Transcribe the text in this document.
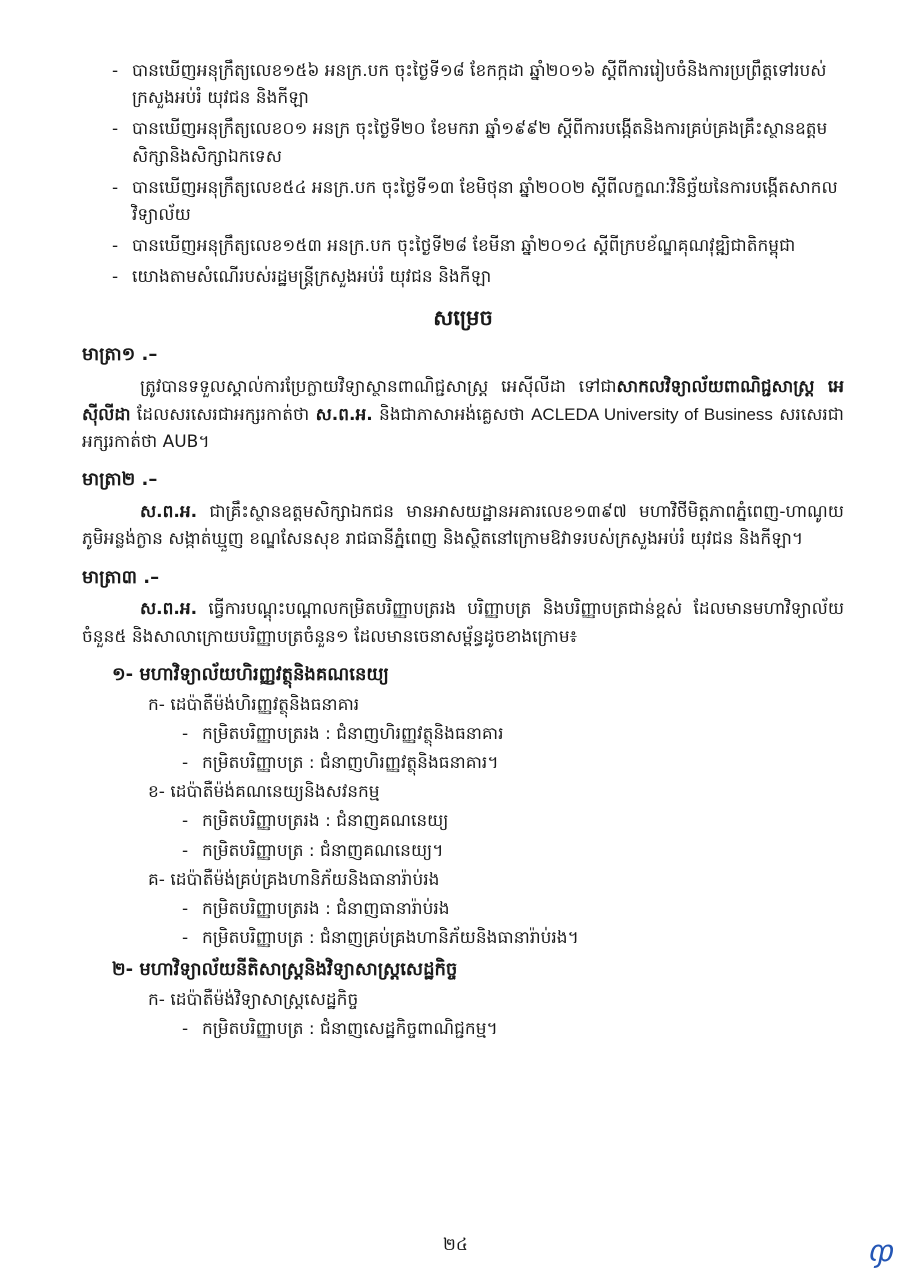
- បានឃើញអនុក្រឹត្យលេខ១៥៦ អនក្រ.បក ចុះថ្ងៃទី១៨ ខែកក្កដា ឆ្នាំ២០១៦ ស្ដីពីការរៀបចំនិងការប្រព្រឹត្តទៅរបស់ក្រសួងអប់រំ យុវជន និងកីឡា
- បានឃើញអនុក្រឹត្យលេខ០១ អនក្រ ចុះថ្ងៃទី២០ ខែមករា ឆ្នាំ១៩៩២ ស្ដីពីការបង្កើតនិងការគ្រប់គ្រងគ្រឹះស្ថានឧត្ដមសិក្សានិងសិក្សាឯកទេស
- បានឃើញអនុក្រឹត្យលេខ៥៤ អនក្រ.បក ចុះថ្ងៃទី១៣ ខែមិថុនា ឆ្នាំ២០០២ ស្ដីពីលក្ខណៈវិនិច្ឆ័យនៃការបង្កើតសាកលវិទ្យាល័យ
- បានឃើញអនុក្រឹត្យលេខ១៥៣ អនក្រ.បក ចុះថ្ងៃទី២៨ ខែមីនា ឆ្នាំ២០១៤ ស្ដីពីក្របខ័ណ្ឌគុណវុឌ្ឍិជាតិកម្ពុជា
- យោងតាមសំណើរបស់រដ្ឋមន្ត្រីក្រសួងអប់រំ យុវជន និងកីឡា
សម្រេច
មាត្រា១ .–

ត្រូវបានទទួលស្គាល់ការប្រែក្លាយវិទ្យាស្ថានពាណិជ្ជសាស្ត្រ អេស៊ីលីដា ទៅជាសាកលវិទ្យាល័យពាណិជ្ជសាស្ត្រ អេស៊ីលីដា ដែលសរសេរជាអក្សរកាត់ថា ស.ព.អ. និងជាភាសាអង់គ្លេសថា ACLEDA University of Business សរសេរជាអក្សរកាត់ថា AUB។

មាត្រា២ .–

ស.ព.អ. ជាគ្រឹះស្ថានឧត្ដមសិក្សាឯកជន មានអាសយដ្ឋានអគារលេខ១៣៩៧ មហាវិថីមិត្តភាពភ្នំពេញ-ហាណូយ ភូមិអន្លង់ក្ងាន សង្កាត់ឃ្មួញ ខណ្ឌសែនសុខ រាជធានីភ្នំពេញ និងស្ថិតនៅក្រោមឱវាទរបស់ក្រសួងអប់រំ យុវជន និងកីឡា។

មាត្រា៣ .–

ស.ព.អ. ធ្វើការបណ្ដុះបណ្ដាលកម្រិតបរិញ្ញាបត្ររង បរិញ្ញាបត្រ និងបរិញ្ញាបត្រជាន់ខ្ពស់ ដែលមានមហាវិទ្យាល័យចំនួន៥ និងសាលាក្រោយបរិញ្ញាបត្រចំនួន១ ដែលមានចេនាសម្ព័ន្ធដូចខាងក្រោម៖

១- មហាវិទ្យាល័យហិរញ្ញវត្ថុនិងគណនេយ្យ
ក- ដេប៉ាតឺម៉ង់ហិរញ្ញវត្ថុនិងធនាគារ
- កម្រិតបរិញ្ញាបត្ររង : ជំនាញហិរញ្ញវត្ថុនិងធនាគារ
- កម្រិតបរិញ្ញាបត្រ : ជំនាញហិរញ្ញវត្ថុនិងធនាគារ។
ខ- ដេប៉ាតឺម៉ង់គណនេយ្យនិងសវនកម្ម
- កម្រិតបរិញ្ញាបត្ររង : ជំនាញគណនេយ្យ
- កម្រិតបរិញ្ញាបត្រ : ជំនាញគណនេយ្យ។
គ- ដេប៉ាតឺម៉ង់គ្រប់គ្រងហានិភ័យនិងធានារ៉ាប់រង
- កម្រិតបរិញ្ញាបត្ររង : ជំនាញធានារ៉ាប់រង
- កម្រិតបរិញ្ញាបត្រ : ជំនាញគ្រប់គ្រងហានិភ័យនិងធានារ៉ាប់រង។
២- មហាវិទ្យាល័យនីតិសាស្ត្រនិងវិទ្យាសាស្ត្រសេដ្ឋកិច្ច
ក- ដេប៉ាតឺម៉ង់វិទ្យាសាស្ត្រសេដ្ឋកិច្ច
- កម្រិតបរិញ្ញាបត្រ : ជំនាញសេដ្ឋកិច្ចពាណិជ្ជកម្ម។
២៤	ჶ
